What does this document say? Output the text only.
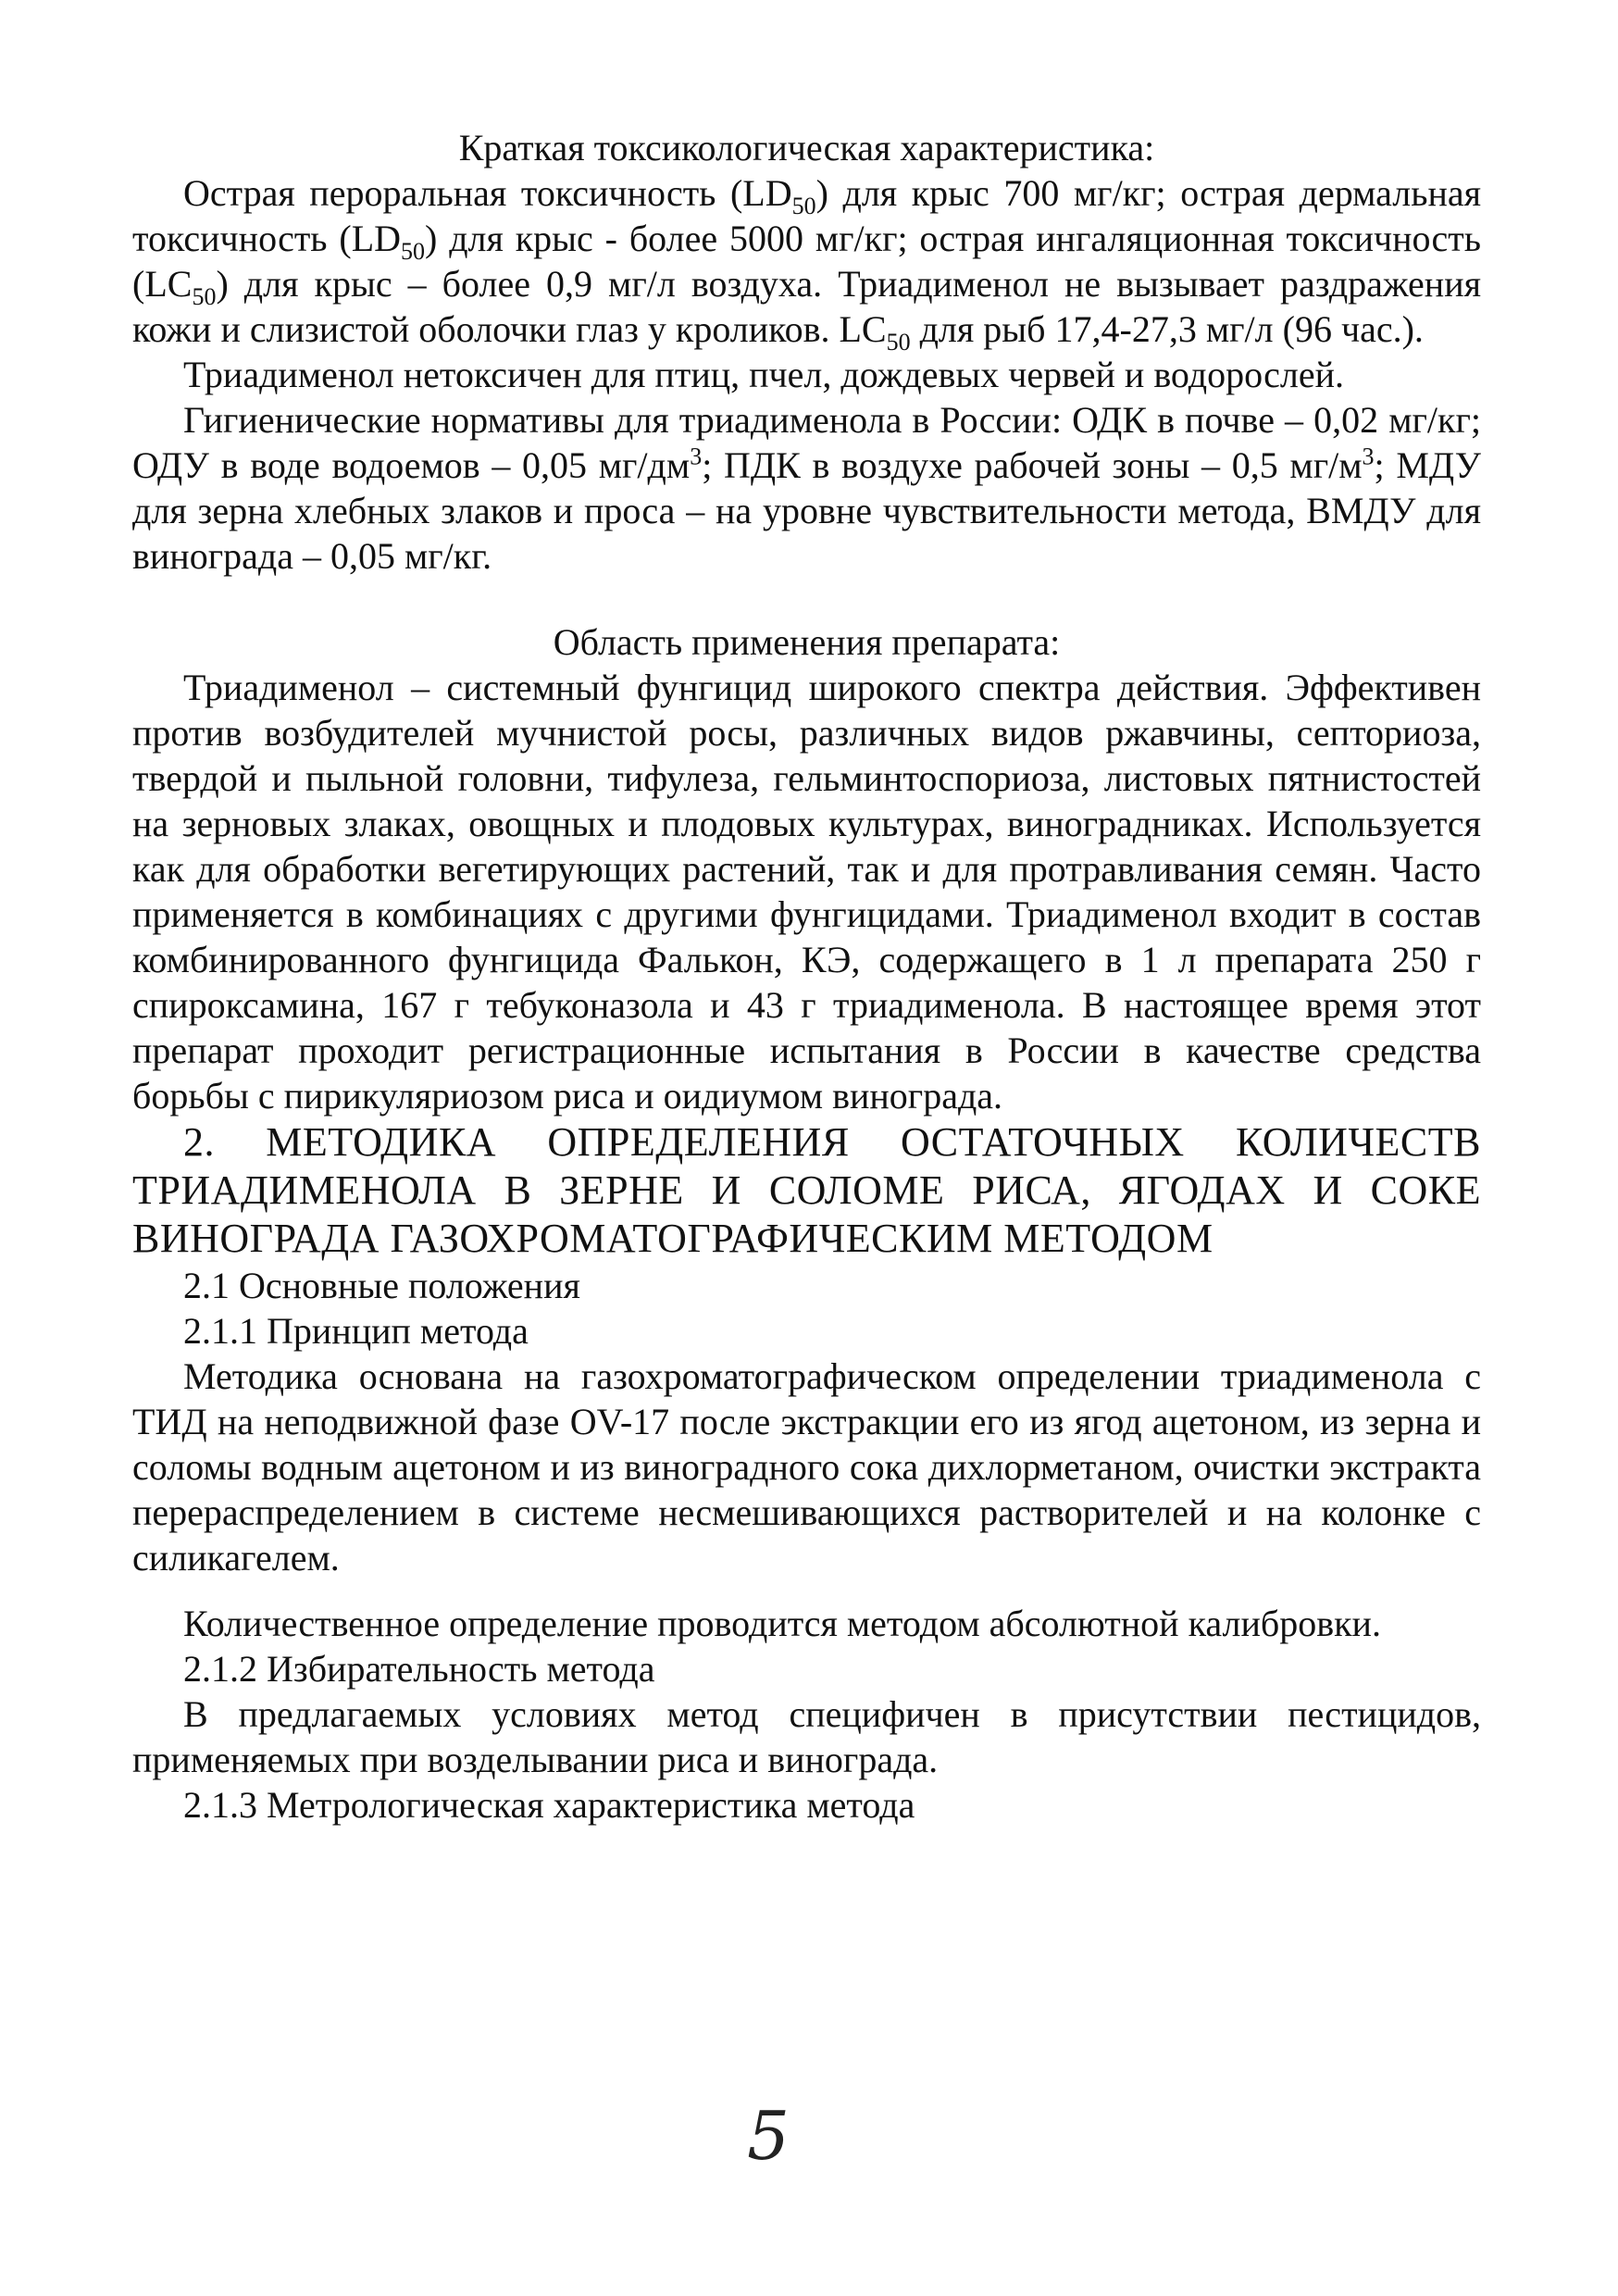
Краткая токсикологическая характеристика:

Острая пероральная токсичность $(LD_{50})$ для крыс 700 мг/кг; острая дермальная токсичность $(LD_{50})$ для крыс - более 5000 мг/кг; острая ингаляционная токсичность $(LC_{50})$ для крыс – более 0,9 мг/л воздуха. Триадименол не вызывает раздражения кожи и слизистой оболочки глаз у кроликов. $LC_{50}$ для рыб 17,4-27,3 мг/л (96 час.).

Триадименол нетоксичен для птиц, пчел, дождевых червей и водорослей.

Гигиенические нормативы для триадименола в России: ОДК в почве – 0,02 мг/кг; ОДУ в воде водоемов – 0,05 $мг/дм^3$; ПДК в воздухе рабочей зоны – 0,5 $мг/м^3$; МДУ для зерна хлебных злаков и проса – на уровне чувствительности метода, ВМДУ для винограда – 0,05 мг/кг.

Область применения препарата:

Триадименол – системный фунгицид широкого спектра действия. Эффективен против возбудителей мучнистой росы, различных видов ржавчины, септориоза, твердой и пыльной головни, тифулеза, гельминтоспориоза, листовых пятнистостей на зерновых злаках, овощных и плодовых культурах, виноградниках. Используется как для обработки вегетирующих растений, так и для протравливания семян. Часто применяется в комбинациях с другими фунгицидами. Триадименол входит в состав комбинированного фунгицида Фалькон, КЭ, содержащего в 1 л препарата 250 г спироксамина, 167 г тебуконазола и 43 г триадименола. В настоящее время этот препарат проходит регистрационные испытания в России в качестве средства борьбы с пирикуляриозом риса и оидиумом винограда.

2. МЕТОДИКА ОПРЕДЕЛЕНИЯ ОСТАТОЧНЫХ КОЛИЧЕСТВ ТРИАДИМЕНОЛА В ЗЕРНЕ И СОЛОМЕ РИСА, ЯГОДАХ И СОКЕ ВИНОГРАДА ГАЗОХРОМАТОГРАФИЧЕСКИМ МЕТОДОМ

2.1 Основные положения

2.1.1 Принцип метода

Методика основана на газохроматографическом определении триадименола с ТИД на неподвижной фазе OV-17 после экстракции его из ягод ацетоном, из зерна и соломы водным ацетоном и из виноградного сока дихлорметаном, очистки экстракта перераспределением в системе несмешивающихся растворителей и на колонке с силикагелем.

Количественное определение проводится методом абсолютной калибровки.

2.1.2 Избирательность метода

В предлагаемых условиях метод специфичен в присутствии пестицидов, применяемых при возделывании риса и винограда.

2.1.3 Метрологическая характеристика метода

5
